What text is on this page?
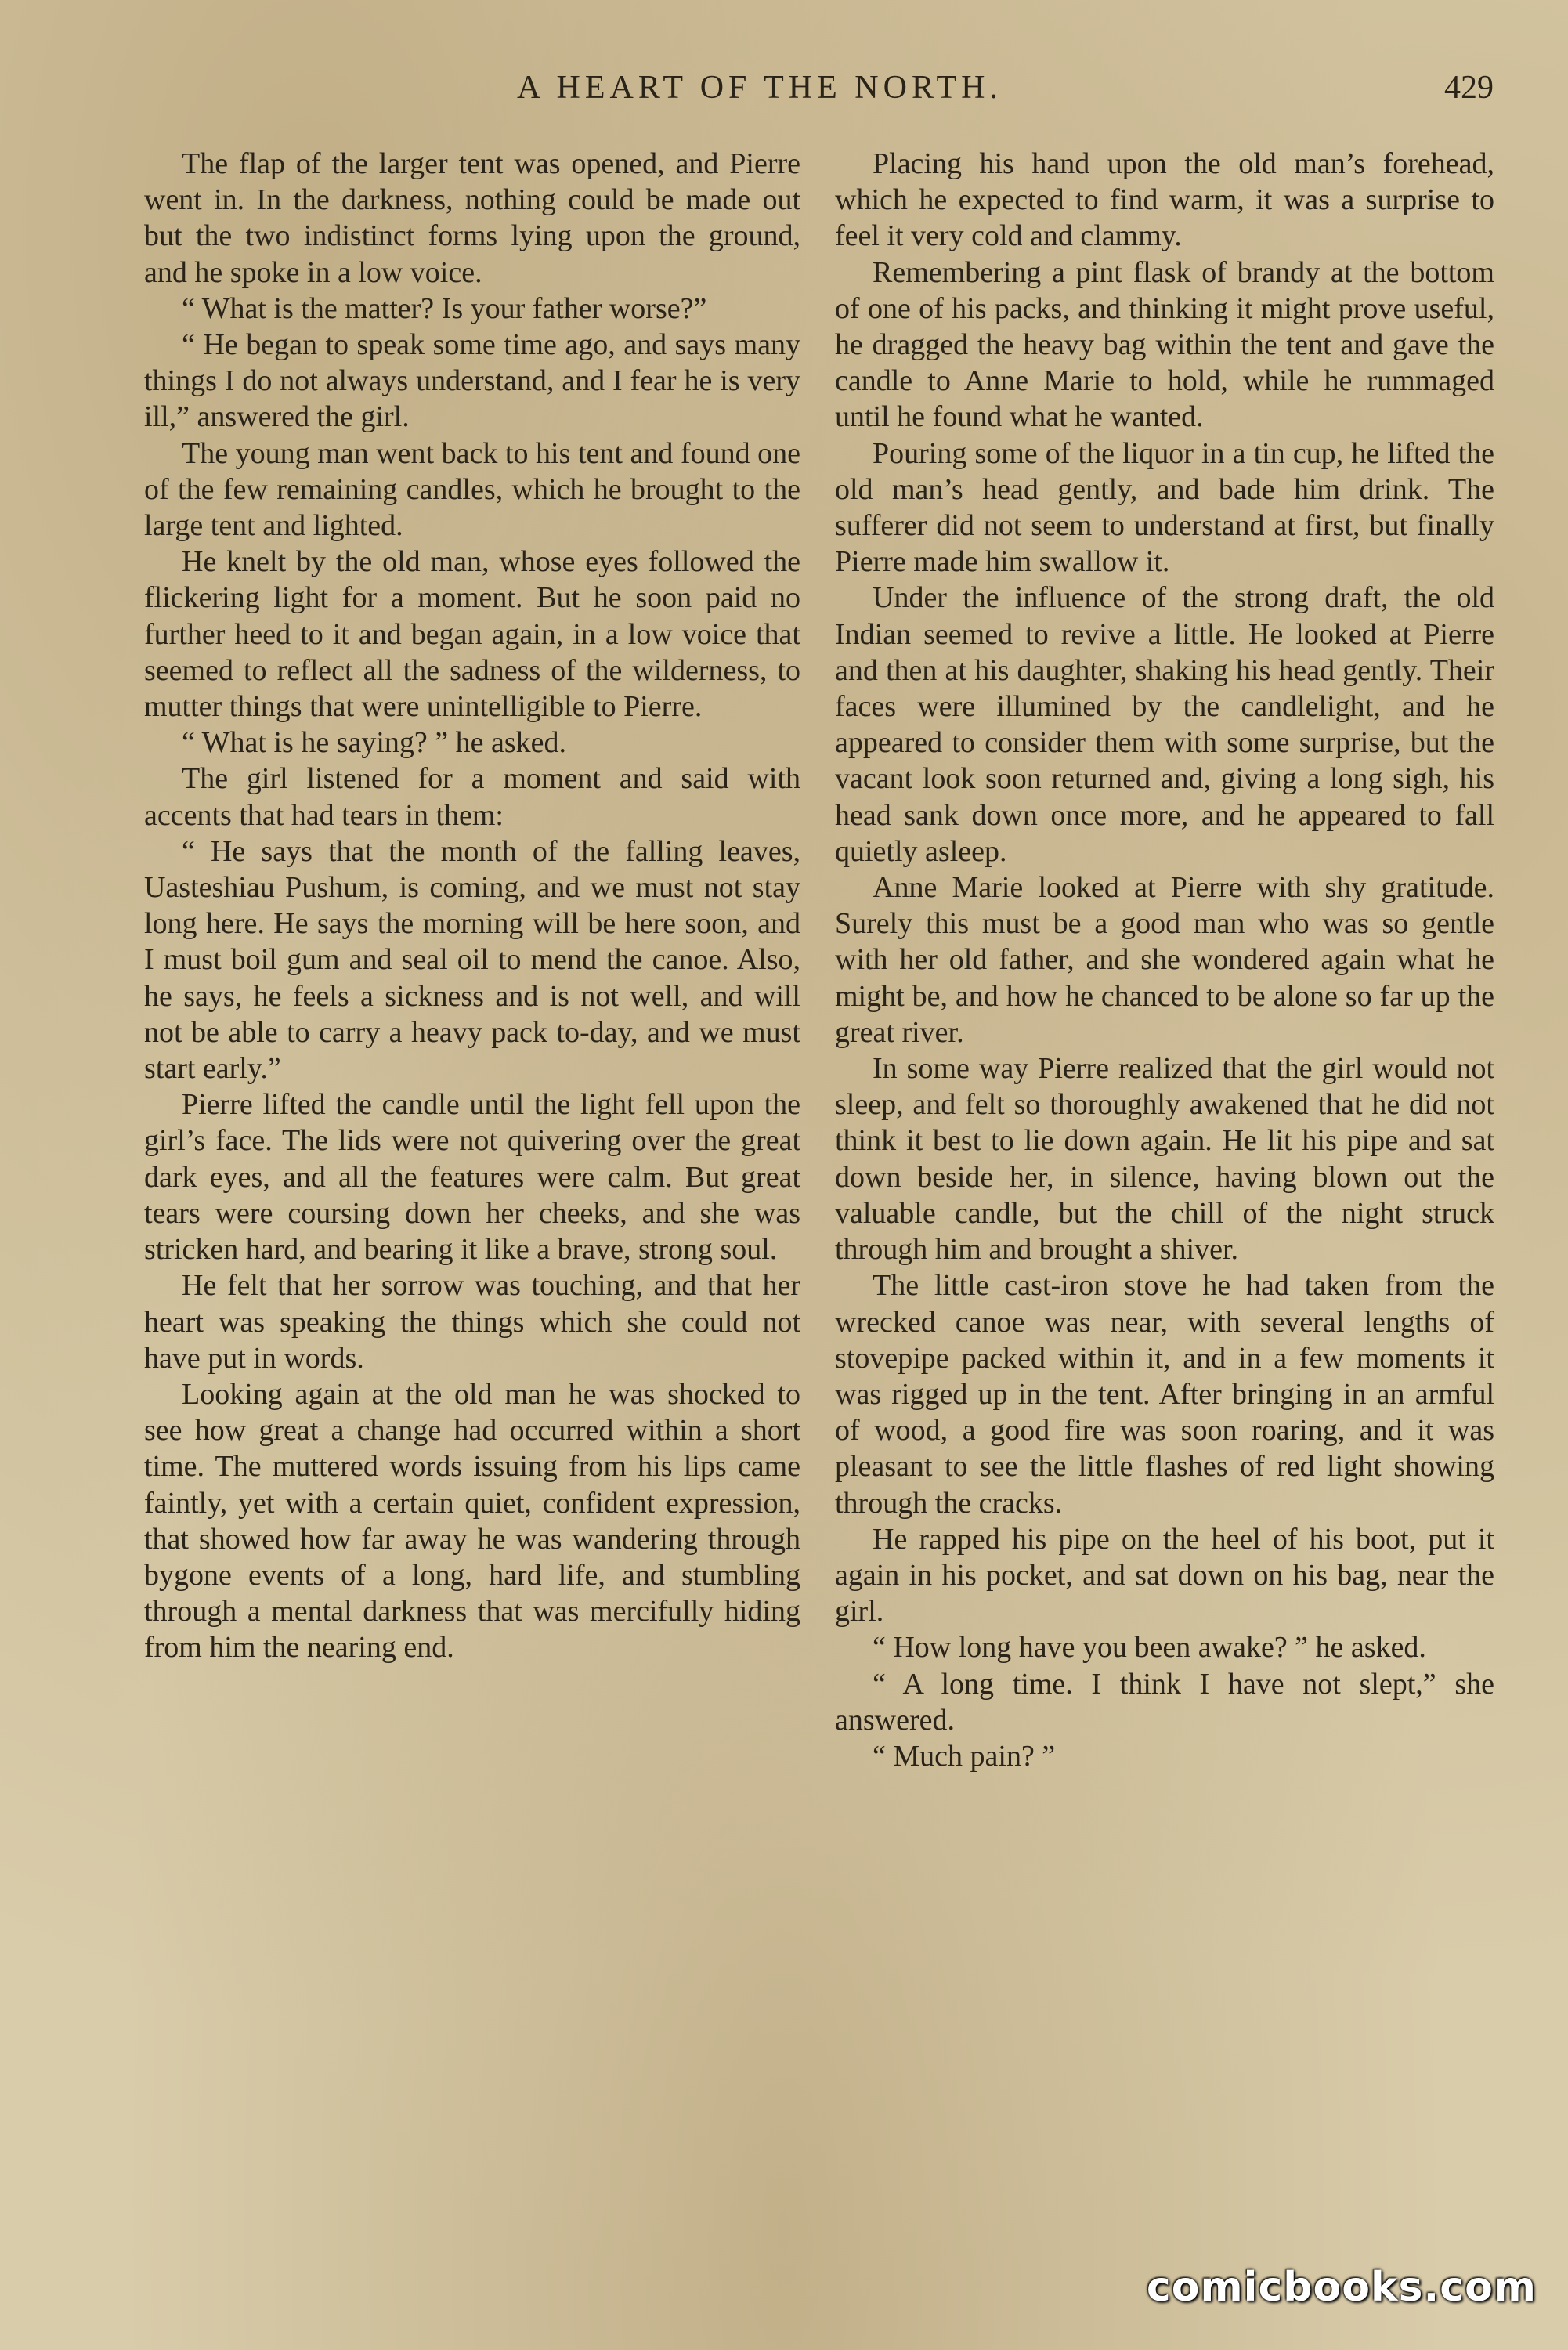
A HEART OF THE NORTH.	429

The flap of the larger tent was opened, and Pierre went in. In the darkness, nothing could be made out but the two indistinct forms lying upon the ground, and he spoke in a low voice.

“ What is the matter? Is your father worse?”

“ He began to speak some time ago, and says many things I do not always understand, and I fear he is very ill,” answered the girl.

The young man went back to his tent and found one of the few remaining candles, which he brought to the large tent and lighted.

He knelt by the old man, whose eyes followed the flickering light for a moment. But he soon paid no further heed to it and began again, in a low voice that seemed to reflect all the sadness of the wilderness, to mutter things that were unintelligible to Pierre.

“ What is he saying? ” he asked.

The girl listened for a moment and said with accents that had tears in them:

“ He says that the month of the falling leaves, Uasteshiau Pushum, is coming, and we must not stay long here. He says the morning will be here soon, and I must boil gum and seal oil to mend the canoe. Also, he says, he feels a sickness and is not well, and will not be able to carry a heavy pack to-day, and we must start early.”

Pierre lifted the candle until the light fell upon the girl’s face. The lids were not quivering over the great dark eyes, and all the features were calm. But great tears were coursing down her cheeks, and she was stricken hard, and bearing it like a brave, strong soul.

He felt that her sorrow was touching, and that her heart was speaking the things which she could not have put in words.

Looking again at the old man he was shocked to see how great a change had occurred within a short time. The muttered words issuing from his lips came faintly, yet with a certain quiet, confident expression, that showed how far away he was wandering through bygone events of a long, hard life, and stumbling through a mental darkness that was mercifully hiding from him the nearing end.

Placing his hand upon the old man’s forehead, which he expected to find warm, it was a surprise to feel it very cold and clammy.

Remembering a pint flask of brandy at the bottom of one of his packs, and thinking it might prove useful, he dragged the heavy bag within the tent and gave the candle to Anne Marie to hold, while he rummaged until he found what he wanted.

Pouring some of the liquor in a tin cup, he lifted the old man’s head gently, and bade him drink. The sufferer did not seem to understand at first, but finally Pierre made him swallow it.

Under the influence of the strong draft, the old Indian seemed to revive a little. He looked at Pierre and then at his daughter, shaking his head gently. Their faces were illumined by the candlelight, and he appeared to consider them with some surprise, but the vacant look soon returned and, giving a long sigh, his head sank down once more, and he appeared to fall quietly asleep.

Anne Marie looked at Pierre with shy gratitude. Surely this must be a good man who was so gentle with her old father, and she wondered again what he might be, and how he chanced to be alone so far up the great river.

In some way Pierre realized that the girl would not sleep, and felt so thoroughly awakened that he did not think it best to lie down again. He lit his pipe and sat down beside her, in silence, having blown out the valuable candle, but the chill of the night struck through him and brought a shiver.

The little cast-iron stove he had taken from the wrecked canoe was near, with several lengths of stovepipe packed within it, and in a few moments it was rigged up in the tent. After bringing in an armful of wood, a good fire was soon roaring, and it was pleasant to see the little flashes of red light showing through the cracks.

He rapped his pipe on the heel of his boot, put it again in his pocket, and sat down on his bag, near the girl.

“ How long have you been awake? ” he asked.

“ A long time. I think I have not slept,” she answered.

“ Much pain? ”

comicbooks.com
